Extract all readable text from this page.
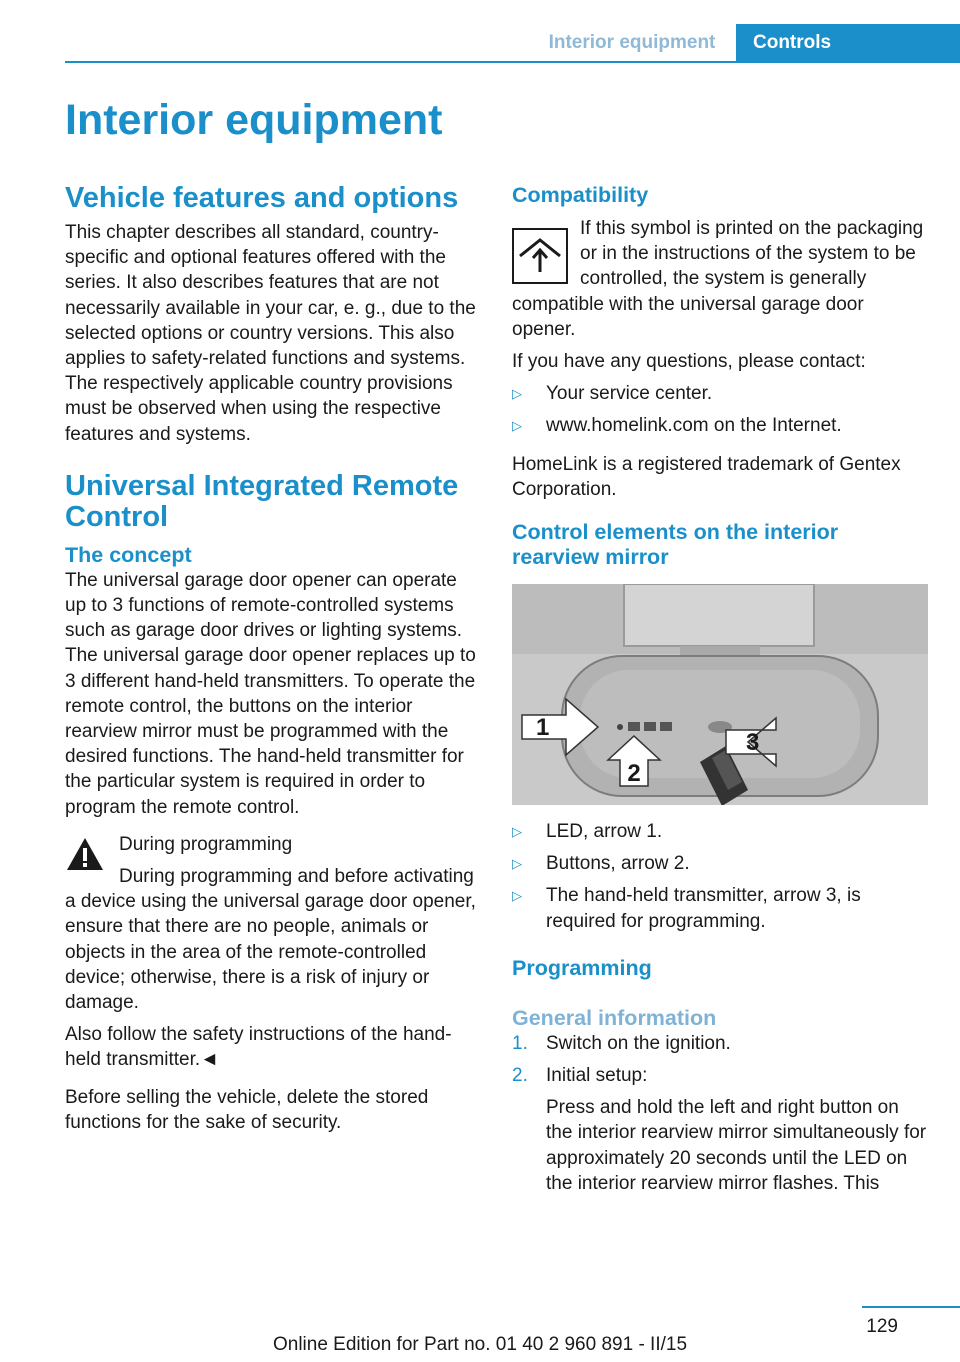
Interior equipment	Controls
Interior equipment
Vehicle features and options

This chapter describes all standard, country-specific and optional features offered with the series. It also describes features that are not necessarily available in your car, e. g., due to the selected options or country versions. This also applies to safety-related functions and systems. The respectively applicable country provisions must be observed when using the respective features and systems.

Universal Integrated Remote Control
The concept

The universal garage door opener can operate up to 3 functions of remote-controlled systems such as garage door drives or lighting systems. The universal garage door opener replaces up to 3 different hand-held transmitters. To operate the remote control, the buttons on the interior rearview mirror must be programmed with the desired functions. The hand-held transmitter for the particular system is required in order to program the remote control.

During programming

During programming and before activating a device using the universal garage door opener, ensure that there are no people, animals or objects in the area of the remote-controlled device; otherwise, there is a risk of injury or damage.

Also follow the safety instructions of the hand-held transmitter.◄

Before selling the vehicle, delete the stored functions for the sake of security.

Compatibility

If this symbol is printed on the packaging or in the instructions of the system to be controlled, the system is generally compatible with the universal garage door opener.

If you have any questions, please contact:

▷ Your service center.
▷ www.homelink.com on the Internet.

HomeLink is a registered trademark of Gentex Corporation.

Control elements on the interior rearview mirror
1
2
3
▷ LED, arrow 1.
▷ Buttons, arrow 2.
▷ The hand-held transmitter, arrow 3, is required for programming.
Programming
General information
1. Switch on the ignition.
2. Initial setup:

Press and hold the left and right button on the interior rearview mirror simultaneously for approximately 20 seconds until the LED on the interior rearview mirror flashes. This

129
Online Edition for Part no. 01 40 2 960 891 - II/15
